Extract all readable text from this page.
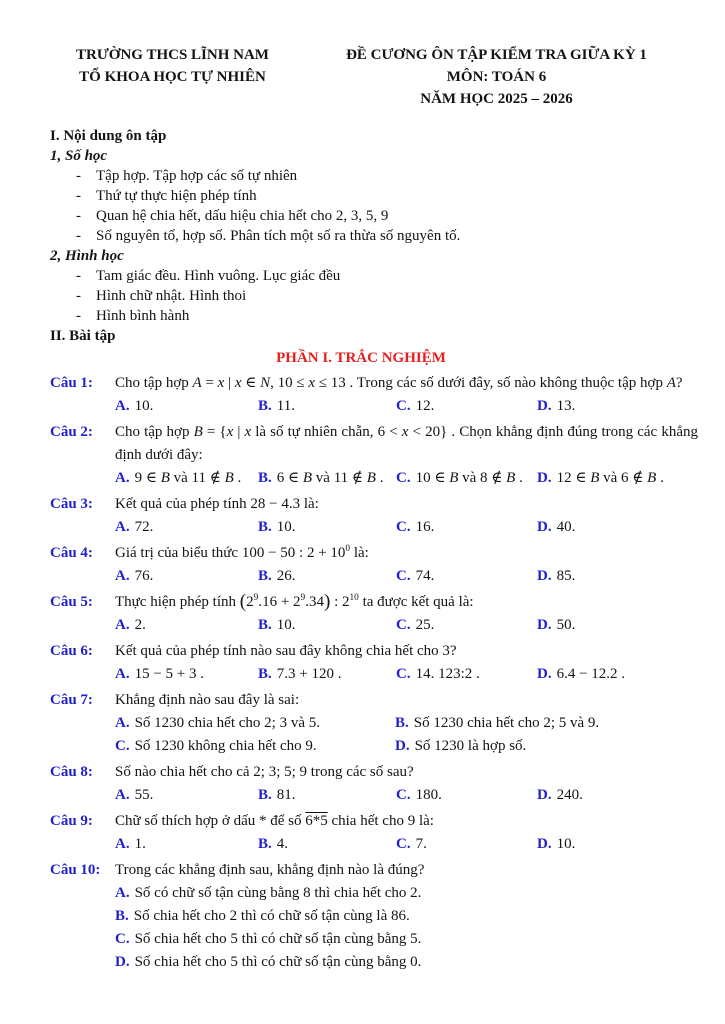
TRƯỜNG THCS LĨNH NAM
TỔ KHOA HỌC TỰ NHIÊN
ĐỀ CƯƠNG ÔN TẬP KIỂM TRA GIỮA KỲ 1
MÔN: TOÁN 6
NĂM HỌC 2025 – 2026
I. Nội dung ôn tập
1, Số học
-	Tập hợp. Tập hợp các số tự nhiên
-	Thứ tự thực hiện phép tính
-	Quan hệ chia hết, dấu hiệu chia hết cho 2, 3, 5, 9
-	Số nguyên tố, hợp số. Phân tích một số ra thừa số nguyên tố.
2, Hình học
-	Tam giác đều. Hình vuông. Lục giác đều
-	Hình chữ nhật. Hình thoi
-	Hình bình hành
II. Bài tập
PHẦN I. TRẮC NGHIỆM
Câu 1:	Cho tập hợp A = x | x ∈ N, 10 ≤ x ≤ 13 . Trong các số dưới đây, số nào không thuộc tập hợp A?
A. 10.	B. 11.	C. 12.	D. 13.
Câu 2:	Cho tập hợp B = {x | x là số tự nhiên chẵn, 6 < x < 20} . Chọn khẳng định đúng trong các khẳng định dưới đây:
A. 9 ∈ B và 11 ∉ B .	B. 6 ∈ B và 11 ∉ B . C. 10 ∈ B và 8 ∉ B . D. 12 ∈ B và 6 ∉ B .
Câu 3:	Kết quả của phép tính 28 − 4.3 là:
A. 72.	B. 10.	C. 16.	D. 40.
Câu 4:	Giá trị của biểu thức 100 − 50 : $2 + 10^0$ là:
A. 76.	B. 26.	C. 74.	D. 85.
Câu 5:	Thực hiện phép tính $(2^9.16 + 2^9.34)$ : $2^{10}$ ta được kết quả là:
A. 2.	B. 10.	C. 25.	D. 50.
Câu 6:	Kết quả của phép tính nào sau đây không chia hết cho 3?
A. 15 − 5 + 3 .	B. 7.3 + 120 .	C. 14. 123:2 .	D. 6.4 − 12.2 .
Câu 7:	Khẳng định nào sau đây là sai:
A. Số 1230 chia hết cho 2; 3 và 5.	B. Số 1230 chia hết cho 2; 5 và 9.
C. Số 1230 không chia hết cho 9.	D. Số 1230 là hợp số.
Câu 8:	Số nào chia hết cho cả 2; 3; 5; 9 trong các số sau?
A. 55.	B. 81.	C. 180.	D. 240.
Câu 9:	Chữ số thích hợp ở dấu * để số 6*5 chia hết cho 9 là:
A. 1.	B. 4.	C. 7.	D. 10.
Câu 10: Trong các khẳng định sau, khẳng định nào là đúng?
A. Số có chữ số tận cùng bằng 8 thì chia hết cho 2.
B. Số chia hết cho 2 thì có chữ số tận cùng là 86.
C. Số chia hết cho 5 thì có chữ số tận cùng bằng 5.
D. Số chia hết cho 5 thì có chữ số tận cùng bằng 0.
